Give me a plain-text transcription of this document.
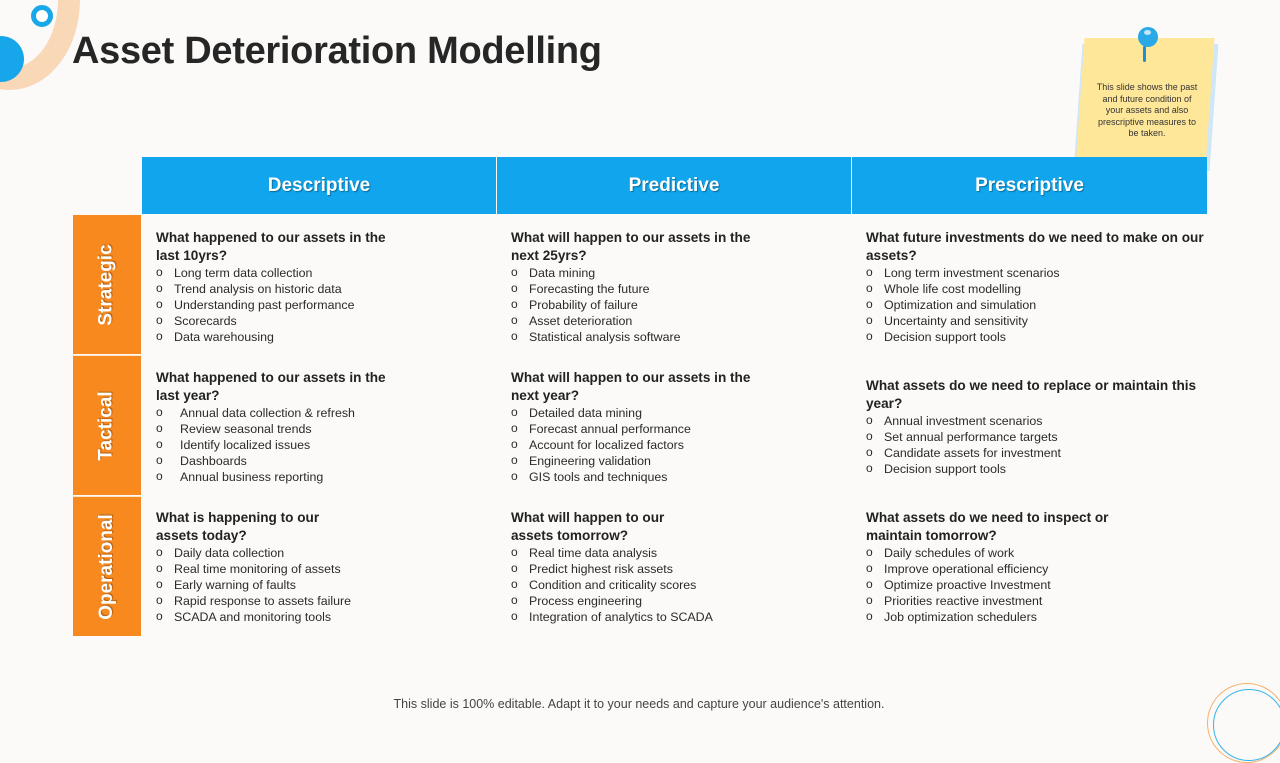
Asset Deterioration Modelling
This slide shows the past and future condition of your assets and also prescriptive measures to be taken.
Descriptive	Predictive	Prescriptive
Strategic
Tactical
Operational
What happened to our assets in the
last 10yrs?
o Long term data collection
o Trend analysis on historic data
o Understanding past performance
o Scorecards
o Data warehousing
What will happen to our assets in the
next 25yrs?
o Data mining
o Forecasting the future
o Probability of failure
o Asset deterioration
o Statistical analysis software
What future investments do we need to make on our
assets?
o Long term investment scenarios
o Whole life cost modelling
o Optimization and simulation
o Uncertainty and sensitivity
o Decision support tools
What happened to our assets in the
last year?
o Annual data collection & refresh
o Review seasonal trends
o Identify localized issues
o Dashboards
o Annual business reporting
What will happen to our assets in the
next year?
o Detailed data mining
o Forecast annual performance
o Account for localized factors
o Engineering validation
o GIS tools and techniques
What assets do we need to replace or maintain this
year?
o Annual investment scenarios
o Set annual performance targets
o Candidate assets for investment
o Decision support tools
What is happening to our
assets today?
o Daily data collection
o Real time monitoring of assets
o Early warning of faults
o Rapid response to assets failure
o SCADA and monitoring tools
What will happen to our
assets tomorrow?
o Real time data analysis
o Predict highest risk assets
o Condition and criticality scores
o Process engineering
o Integration of analytics to SCADA
What assets do we need to inspect or
maintain tomorrow?
o Daily schedules of work
o Improve operational efficiency
o Optimize proactive Investment
o Priorities reactive investment
o Job optimization schedulers
This slide is 100% editable. Adapt it to your needs and capture your audience's attention.
